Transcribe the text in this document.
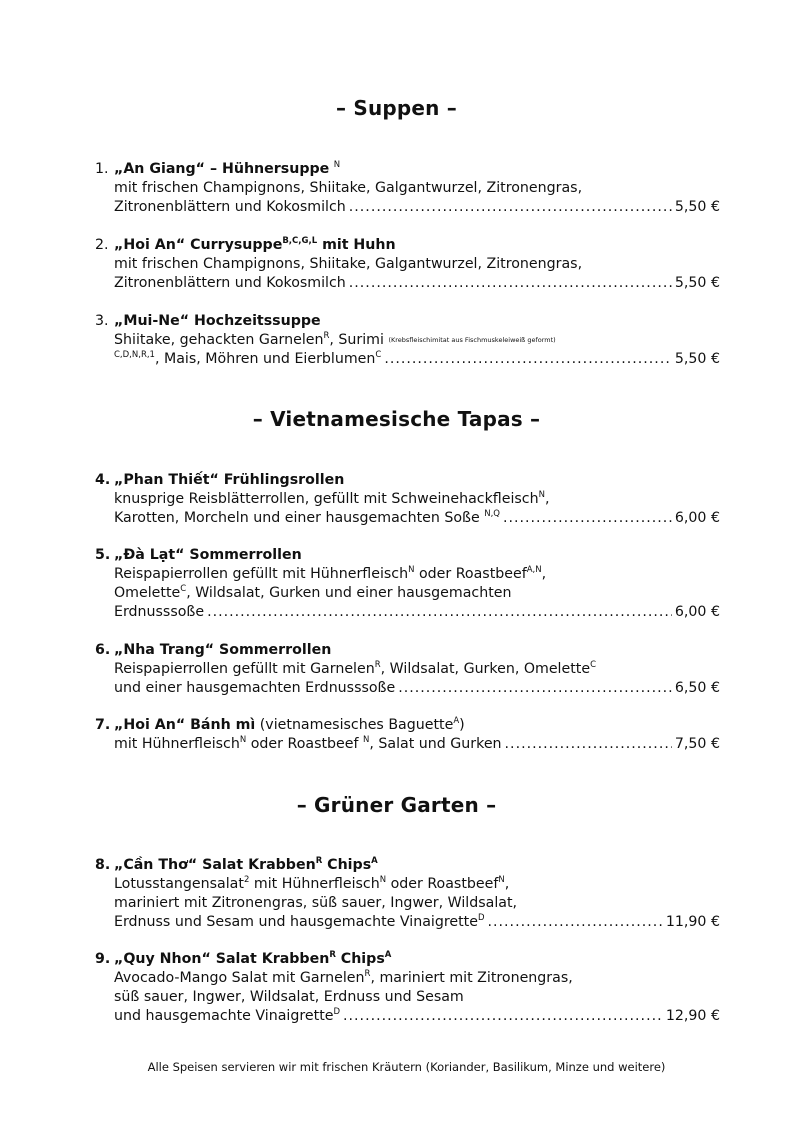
– Suppen –
1. „An Giang“ – Hühnersuppe $^N$
mit frischen Champignons, Shiitake, Galgantwurzel, Zitronengras,
Zitronenblättern und Kokosmilch .....	5,50 €
2. „Hoi An“ Currysuppe$^{B,C,G,L}$ mit Huhn
mit frischen Champignons, Shiitake, Galgantwurzel, Zitronengras,
Zitronenblättern und Kokosmilch .....	5,50 €
3. „Mui-Ne“ Hochzeitssuppe
Shiitake, gehackten Garnelen$^R$, Surimi (Krebsfleischimitat aus Fischmuskeleiweiß geformt)
$^{C,D,N,R,1}$, Mais, Möhren und Eierblumen$^C$ .....	5,50 €
– Vietnamesische Tapas –
4. „Phan Thiết“ Frühlingsrollen
knusprige Reisblätterrollen, gefüllt mit Schweinehackfleisch$^N$,
Karotten, Morcheln und einer hausgemachten Soße $^{N,Q}$ .....	6,00 €
5. „Đà Lạt“ Sommerrollen
Reispapierrollen gefüllt mit Hühnerfleisch$^N$ oder Roastbeef$^{A,N}$,
Omelette$^C$, Wildsalat, Gurken und einer hausgemachten
Erdnusssoße .....	6,00 €
6. „Nha Trang“ Sommerrollen
Reispapierrollen gefüllt mit Garnelen$^R$, Wildsalat, Gurken, Omelette$^C$
und einer hausgemachten Erdnusssoße .....	6,50 €
7. „Hoi An“ Bánh mì (vietnamesisches Baguette$^A$)
mit Hühnerfleisch$^N$ oder Roastbeef $^N$, Salat und Gurken .....	7,50 €
– Grüner Garten –
8. „Cần Thơ“ Salat Krabben$^R$ Chips$^A$
Lotusstangensalat$^2$ mit Hühnerfleisch$^N$ oder Roastbeef$^N$,
mariniert mit Zitronengras, süß sauer, Ingwer, Wildsalat,
Erdnuss und Sesam und hausgemachte Vinaigrette$^D$ .....	11,90 €
9. „Quy Nhon“ Salat Krabben$^R$ Chips$^A$
Avocado-Mango Salat mit Garnelen$^R$, mariniert mit Zitronengras,
süß sauer, Ingwer, Wildsalat, Erdnuss und Sesam
und hausgemachte Vinaigrette$^D$ .....	12,90 €
Alle Speisen servieren wir mit frischen Kräutern (Koriander, Basilikum, Minze und weitere)
